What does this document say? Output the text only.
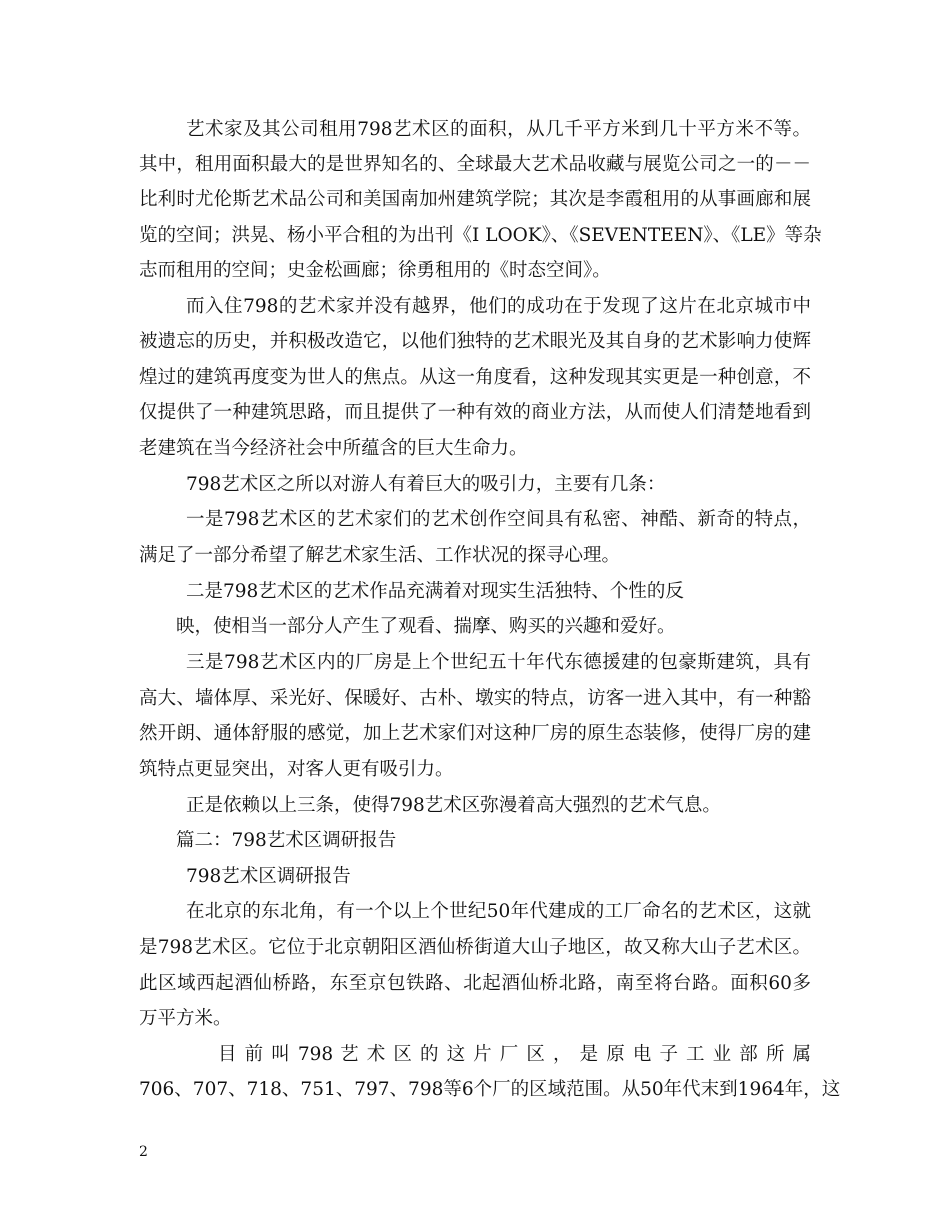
艺术家及其公司租用798艺术区的面积，从几千平方米到几十平方米不等。
其中，租用面积最大的是世界知名的、全球最大艺术品收藏与展览公司之一的－－
比利时尤伦斯艺术品公司和美国南加州建筑学院；其次是李霞租用的从事画廊和展
览的空间；洪晃、杨小平合租的为出刊《I LOOK》、《SEVENTEEN》、《LE》等杂
志而租用的空间；史金松画廊；徐勇租用的《时态空间》。
而入住798的艺术家并没有越界，他们的成功在于发现了这片在北京城市中
被遗忘的历史，并积极改造它，以他们独特的艺术眼光及其自身的艺术影响力使辉
煌过的建筑再度变为世人的焦点。从这一角度看，这种发现其实更是一种创意，不
仅提供了一种建筑思路，而且提供了一种有效的商业方法，从而使人们清楚地看到
老建筑在当今经济社会中所蕴含的巨大生命力。
798艺术区之所以对游人有着巨大的吸引力，主要有几条：
一是798艺术区的艺术家们的艺术创作空间具有私密、神酷、新奇的特点，
满足了一部分希望了解艺术家生活、工作状况的探寻心理。
二是798艺术区的艺术作品充满着对现实生活独特、个性的反
映，使相当一部分人产生了观看、揣摩、购买的兴趣和爱好。
三是798艺术区内的厂房是上个世纪五十年代东德援建的包豪斯建筑，具有
高大、墙体厚、采光好、保暖好、古朴、墩实的特点，访客一进入其中，有一种豁
然开朗、通体舒服的感觉，加上艺术家们对这种厂房的原生态装修，使得厂房的建
筑特点更显突出，对客人更有吸引力。
正是依赖以上三条，使得798艺术区弥漫着高大强烈的艺术气息。
篇二：798艺术区调研报告
798艺术区调研报告
在北京的东北角，有一个以上个世纪50年代建成的工厂命名的艺术区，这就
是798艺术区。它位于北京朝阳区酒仙桥街道大山子地区，故又称大山子艺术区。
此区域西起酒仙桥路，东至京包铁路、北起酒仙桥北路，南至将台路。面积60多
万平方米。
目 前 叫 798 艺 术 区 的 这 片 厂 区 ， 是 原 电 子 工 业 部 所 属
706、707、718、751、797、798等6个厂的区域范围。从50年代末到1964年，这
2
